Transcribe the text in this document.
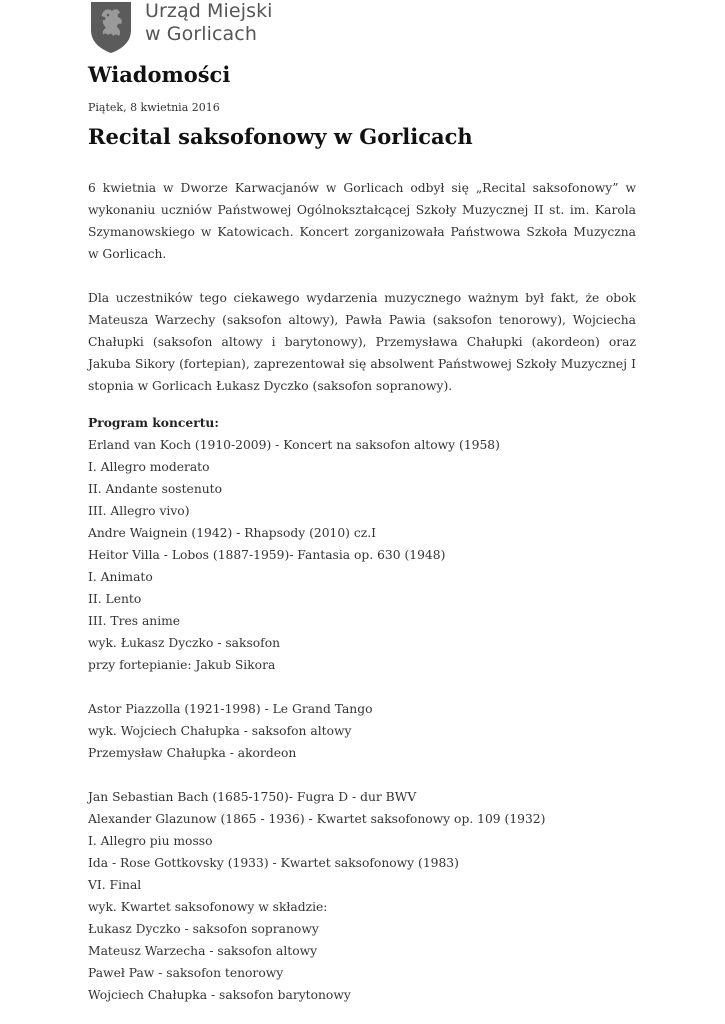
Urząd Miejski
w Gorlicach
Wiadomości
Piątek, 8 kwietnia 2016
Recital saksofonowy w Gorlicach

6 kwietnia w Dworze Karwacjanów w Gorlicach odbył się „Recital saksofonowy” w wykonaniu uczniów Państwowej Ogólnokształcącej Szkoły Muzycznej II st. im. Karola Szymanowskiego w Katowicach. Koncert zorganizowała Państwowa Szkoła Muzyczna w Gorlicach.

Dla uczestników tego ciekawego wydarzenia muzycznego ważnym był fakt, że obok Mateusza Warzechy (saksofon altowy), Pawła Pawia (saksofon tenorowy), Wojciecha Chałupki (saksofon altowy i barytonowy), Przemysława Chałupki (akordeon) oraz Jakuba Sikory (fortepian), zaprezentował się absolwent Państwowej Szkoły Muzycznej I stopnia w Gorlicach Łukasz Dyczko (saksofon sopranowy).

Program koncertu:

Erland van Koch (1910-2009) - Koncert na saksofon altowy (1958)
I. Allegro moderato
II. Andante sostenuto
III. Allegro vivo)
Andre Waignein (1942) - Rhapsody (2010) cz.I
Heitor Villa - Lobos (1887-1959)- Fantasia op. 630 (1948)
I. Animato
II. Lento
III. Tres anime
wyk. Łukasz Dyczko - saksofon
przy fortepianie: Jakub Sikora
Astor Piazzolla (1921-1998) - Le Grand Tango
wyk. Wojciech Chałupka - saksofon altowy
Przemysław Chałupka - akordeon
Jan Sebastian Bach (1685-1750)- Fugra D - dur BWV
Alexander Glazunow (1865 - 1936) - Kwartet saksofonowy op. 109 (1932)
I. Allegro piu mosso
Ida - Rose Gottkovsky (1933) - Kwartet saksofonowy (1983)
VI. Final
wyk. Kwartet saksofonowy w składzie:
Łukasz Dyczko - saksofon sopranowy
Mateusz Warzecha - saksofon altowy
Paweł Paw - saksofon tenorowy
Wojciech Chałupka - saksofon barytonowy
